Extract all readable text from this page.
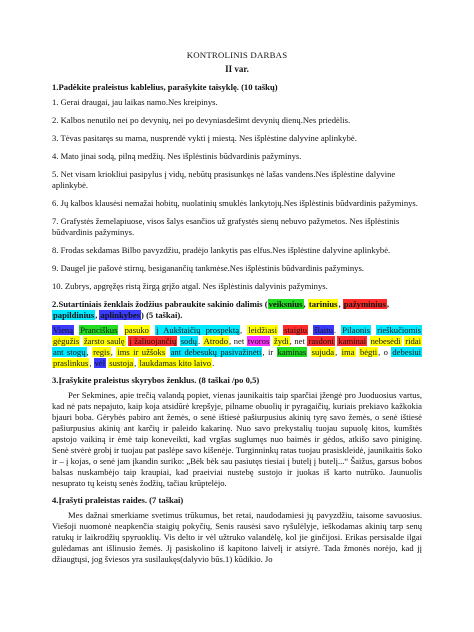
KONTROLINIS DARBAS
II var.
1.Padėkite praleistus kablelius, parašykite taisyklę. (10 taškų)
1. Gerai draugai, jau laikas namo.Nes kreipinys.
2. Kalbos nenutilo nei po devynių, nei po devyniasdešimt devynių dienų.Nes priedėlis.
3. Tėvas pasitaręs su mama, nusprendė vykti į miestą. Nes išplėstine dalyvine aplinkybė.
4. Mato jinai sodą, pilną medžių. Nes išplėstinis būdvardinis pažyminys.
5. Net visam kriokliui pasipylus į vidų, nebūtų prasisunkęs nė lašas vandens.Nes išplėstine dalyvine aplinkybė.
6. Jų kalbos klausėsi nemažai hobitų, nuolatinių smuklės lankytojų.Nes išplėstinis būdvardinis pažyminys.
7. Grafystės žemelapiuose, visos šalys esančios už grafystės sienų nebuvo pažymetos. Nes išplėstinis būdvardinis pažyminys.
8. Frodas sekdamas Bilbo pavyzdžiu, pradėjo lankytis pas elfus.Nes išplėstine dalyvine aplinkybė.
9. Daugel jie pašovė stirnų, besiganančių tankmėse.Nes išplėstinis būdvardinis pažyminys.
10. Zubrys, apgręžęs ristą žirgą grįžo atgal. Nes išplėstinis dalyvinis pažyminys.
2.Sutartiniais ženklais žodžius pabraukite sakinio dalimis (veiksnius, tarinius, pažyminius, papildinius, aplinkybes) (5 taškai).
Vieną Pranciškus pasuko į Aukštaičių prospektą, leidžiasi staigiu šlaitu. Pilaonis rieškučiomis gėgužis žarsto saulę į žaliuojančių sodų. Atrodo, net tvoros žydi, net rasdoni kaminai nebesėdi ridai ant stogų, regis, ims ir užšoks ant debesukų pasivažinėti, ir kaminas sujuda, ima bėgti, o debesiui praslinkus, vėl sustoja, laukdamas kito laivo.
3.Įrašykite praleistus skyrybos ženklus. (8 taškai /po 0,5)
Per Sekmines, apie trečią valandą popiet, vienas jaunikaitis taip sparčiai įžengė pro Juoduosius vartus, kad nė pats nepajuto, kaip koja atsidūrė krepšyje, pilname obuolių ir pyragaičių, kuriais prekiavo kažkokia bjauri boba. Gėrybės pabiro ant žemės, o senė ištiesė pašiurpusius akinių tyrę savo žemės, o senė ištiesė pašiurpusius akinių ant karčių ir paleido kakarinę. Nuo savo prekystalių tuojau supuolę kitos, kumštės apstojo vaikiną ir ėmė taip koneveikti, kad vrgšas suglumęs nuo baimės ir gėdos, atkišo savo piniginę. Senė stvėrė grobį ir tuojau pat paslėpe savo kišenėje. Turginninkų ratas tuojau prasiskleidė, jaunikaitis šoko ir – į kojas, o senė jam įkandin suriko: „Bėk bėk sau pasiutęs tiesiai į butelį į butelį...“ Šaižus, garsus bobos balsas nuskambėjo taip kraupiai, kad praeiviai nustebę sustojo ir juokas iš karto nutrūko. Jaunuolis nesuprato tų keistų senės žodžių, tačiau krūptelėjo.
4.Įrašyti praleistas raides. (7 taškai)
Mes dažnai smerkiame svetimus trūkumus, bet retai, naudodamiesi jų pavyzdžiu, taisome savuosius. Viešoji nuomonė neapkenčia staigių pokyčių, Senis rausėsi savo ryšulėlyje, ieškodamas akinių tarp senų ratukų ir laikrodžių spyruoklių. Vis delto ir vėl užtruko valandėlę, kol jie ginčijosi. Erikas persisalde ilgai gulėdamas ant išlinusio žemės. Jį pasiskolino iš kapitono laivelį ir atsiyrė. Tada žmonės norėjo, kad jį džiaugtųsi, jog šviesos yra susilaukęs(dalyvio būs.1) kūdikio. Jo
